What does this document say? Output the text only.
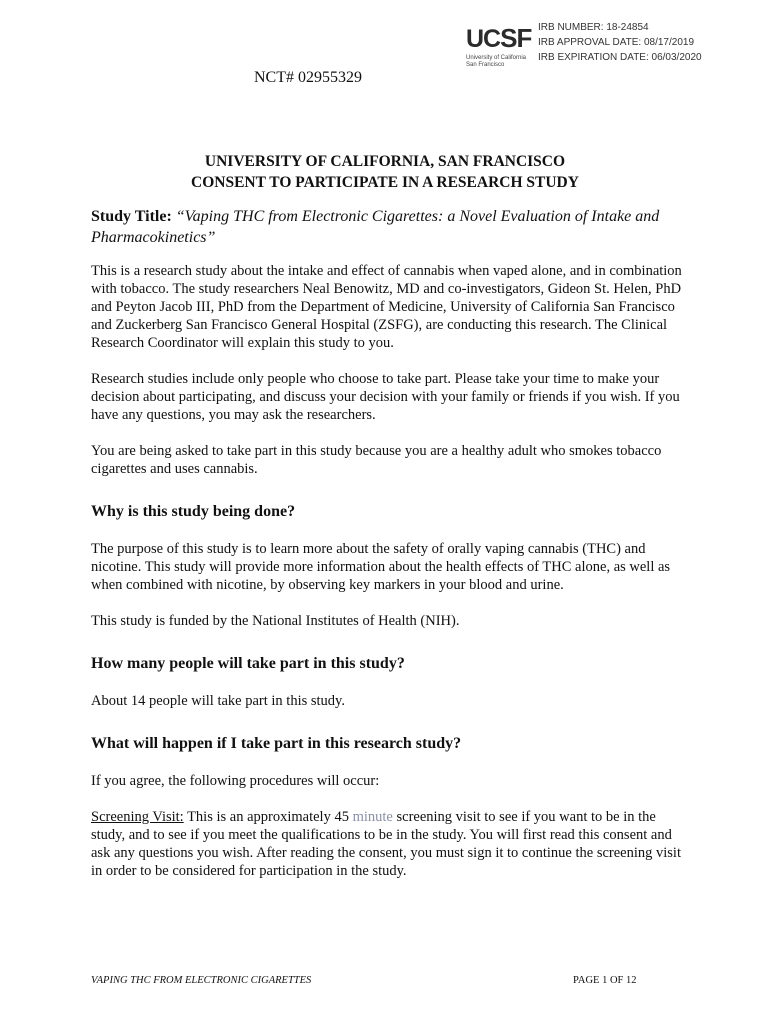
UCSF
University of California
San Francisco
IRB NUMBER: 18-24854
IRB APPROVAL DATE: 08/17/2019
IRB EXPIRATION DATE: 06/03/2020
NCT# 02955329
UNIVERSITY OF CALIFORNIA, SAN FRANCISCO
CONSENT TO PARTICIPATE IN A RESEARCH STUDY
Study Title: “Vaping THC from Electronic Cigarettes: a Novel Evaluation of Intake and Pharmacokinetics”

This is a research study about the intake and effect of cannabis when vaped alone, and in combination with tobacco. The study researchers Neal Benowitz, MD and co-investigators, Gideon St. Helen, PhD and Peyton Jacob III, PhD from the Department of Medicine, University of California San Francisco and Zuckerberg San Francisco General Hospital (ZSFG), are conducting this research. The Clinical Research Coordinator will explain this study to you.

Research studies include only people who choose to take part. Please take your time to make your decision about participating, and discuss your decision with your family or friends if you wish. If you have any questions, you may ask the researchers.

You are being asked to take part in this study because you are a healthy adult who smokes tobacco cigarettes and uses cannabis.

Why is this study being done?

The purpose of this study is to learn more about the safety of orally vaping cannabis (THC) and nicotine. This study will provide more information about the health effects of THC alone, as well as when combined with nicotine, by observing key markers in your blood and urine.

This study is funded by the National Institutes of Health (NIH).

How many people will take part in this study?

About 14 people will take part in this study.

What will happen if I take part in this research study?

If you agree, the following procedures will occur:

Screening Visit: This is an approximately 45 minute screening visit to see if you want to be in the study, and to see if you meet the qualifications to be in the study. You will first read this consent and ask any questions you wish. After reading the consent, you must sign it to continue the screening visit in order to be considered for participation in the study.

VAPING THC FROM ELECTRONIC CIGARETTES	PAGE 1 OF 12
